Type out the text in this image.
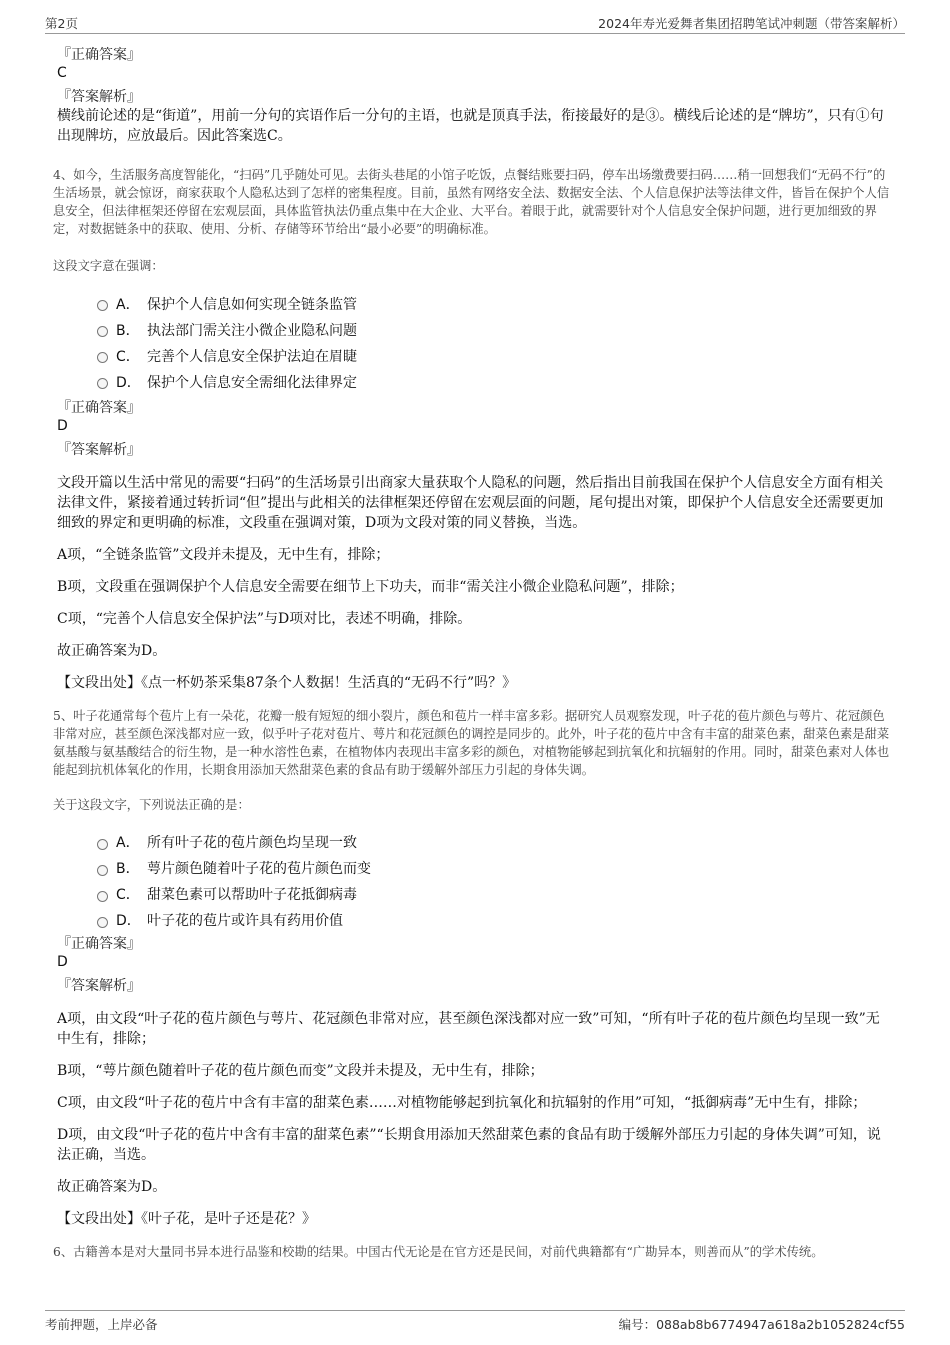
第2页	2024年寿光爱舞者集团招聘笔试冲刺题（带答案解析）
『正确答案』
C
『答案解析』
横线前论述的是“街道”，用前一分句的宾语作后一分句的主语，也就是顶真手法，衔接最好的是③。横线后论述的是“牌坊”，只有①句出现牌坊，应放最后。因此答案选C。
4、如今，生活服务高度智能化，“扫码”几乎随处可见。去街头巷尾的小馆子吃饭，点餐结账要扫码，停车出场缴费要扫码……稍一回想我们“无码不行”的生活场景，就会惊讶，商家获取个人隐私达到了怎样的密集程度。目前，虽然有网络安全法、数据安全法、个人信息保护法等法律文件，皆旨在保护个人信息安全，但法律框架还停留在宏观层面，具体监管执法仍重点集中在大企业、大平台。着眼于此，就需要针对个人信息安全保护问题，进行更加细致的界定，对数据链条中的获取、使用、分析、存储等环节给出“最小必要”的明确标准。
这段文字意在强调：
A． 保护个人信息如何实现全链条监管
B． 执法部门需关注小微企业隐私问题
C． 完善个人信息安全保护法迫在眉睫
D． 保护个人信息安全需细化法律界定
『正确答案』
D
『答案解析』
文段开篇以生活中常见的需要“扫码”的生活场景引出商家大量获取个人隐私的问题，然后指出目前我国在保护个人信息安全方面有相关法律文件，紧接着通过转折词“但”提出与此相关的法律框架还停留在宏观层面的问题，尾句提出对策，即保护个人信息安全还需要更加细致的界定和更明确的标准，文段重在强调对策，D项为文段对策的同义替换，当选。
A项，“全链条监管”文段并未提及，无中生有，排除；
B项，文段重在强调保护个人信息安全需要在细节上下功夫，而非“需关注小微企业隐私问题”，排除；
C项，“完善个人信息安全保护法”与D项对比，表述不明确，排除。
故正确答案为D。
【文段出处】《点一杯奶茶采集87条个人数据！生活真的“无码不行”吗？》
5、叶子花通常每个苞片上有一朵花，花瓣一般有短短的细小裂片，颜色和苞片一样丰富多彩。据研究人员观察发现，叶子花的苞片颜色与萼片、花冠颜色非常对应，甚至颜色深浅都对应一致，似乎叶子花对苞片、萼片和花冠颜色的调控是同步的。此外，叶子花的苞片中含有丰富的甜菜色素，甜菜色素是甜菜氨基酸与氨基酸结合的衍生物，是一种水溶性色素，在植物体内表现出丰富多彩的颜色，对植物能够起到抗氧化和抗辐射的作用。同时，甜菜色素对人体也能起到抗机体氧化的作用，长期食用添加天然甜菜色素的食品有助于缓解外部压力引起的身体失调。
关于这段文字，下列说法正确的是：
A． 所有叶子花的苞片颜色均呈现一致
B． 萼片颜色随着叶子花的苞片颜色而变
C． 甜菜色素可以帮助叶子花抵御病毒
D． 叶子花的苞片或许具有药用价值
『正确答案』
D
『答案解析』
A项，由文段“叶子花的苞片颜色与萼片、花冠颜色非常对应，甚至颜色深浅都对应一致”可知，“所有叶子花的苞片颜色均呈现一致”无中生有，排除；
B项，“萼片颜色随着叶子花的苞片颜色而变”文段并未提及，无中生有，排除；
C项，由文段“叶子花的苞片中含有丰富的甜菜色素……对植物能够起到抗氧化和抗辐射的作用”可知，“抵御病毒”无中生有，排除；
D项，由文段“叶子花的苞片中含有丰富的甜菜色素”“长期食用添加天然甜菜色素的食品有助于缓解外部压力引起的身体失调”可知，说法正确，当选。
故正确答案为D。
【文段出处】《叶子花，是叶子还是花？》
6、古籍善本是对大量同书异本进行品鉴和校勘的结果。中国古代无论是在官方还是民间，对前代典籍都有“广勘异本，则善而从”的学术传统。
考前押题，上岸必备	编号：088ab8b6774947a618a2b1052824cf55
